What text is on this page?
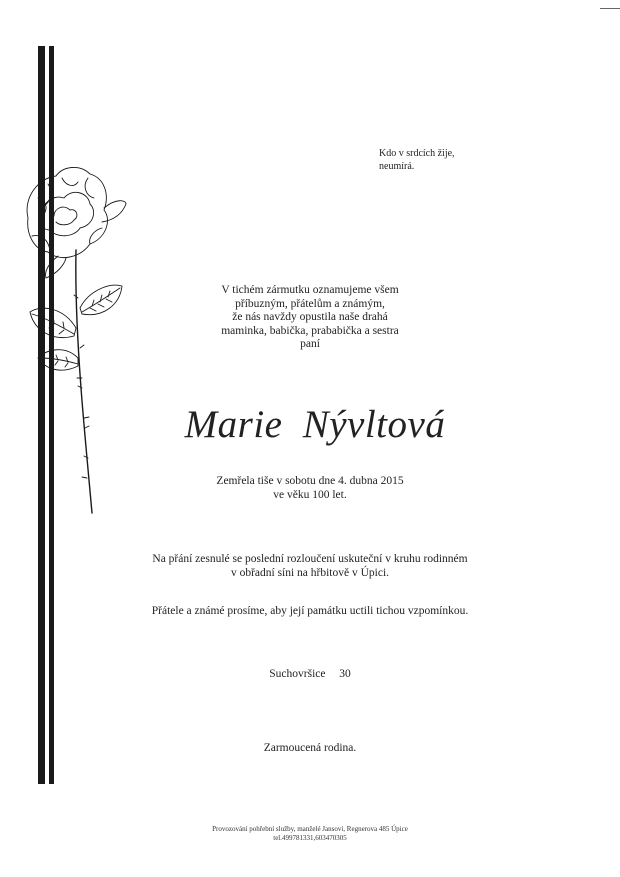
Kdo v srdcích žije,
neumírá.
V tichém zármutku oznamujeme všem
příbuzným, přátelům a známým,
že nás navždy opustila naše drahá
maminka, babička, prababička a sestra
paní
Marie Nývltová
Zemřela tiše v sobotu dne 4. dubna 2015
ve věku 100 let.
Na přání zesnulé se poslední rozloučení uskuteční v kruhu rodinném
v obřadní síni na hřbitově v Úpici.
Přátele a známé prosíme, aby její památku uctili tichou vzpomínkou.
Suchovršice  30
Zarmoucená rodina.
Provozování pohřební služby, manželé Jansovi, Regnerova 485 Úpice
tel.499781331,603470305
